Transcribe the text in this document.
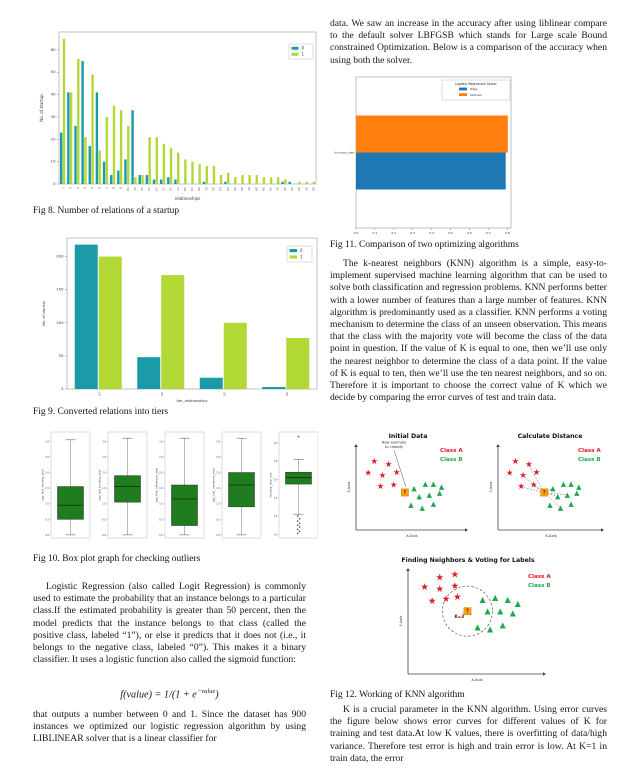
0
10
20
30
40
50
60
1 2 3 4 5 6 7 8 9 10 11 12 13 14 15 16 17 18 19 20 21 22 23 24 25 26 27 28 29 30 31 32 33 34 35 36
No. of startup
relationships
0
1
Fig 8. Number of relations of a startup
0
50
100
150
200
10	20	30	40
No. of startup
tier_relationships
0
1
Fig 9. Converted relations into tiers
0.0
0.5
1.0
1.5
2.0
2.5
3.0
age_first_funding_year
0.0
0.5
1.0
1.5
2.0
2.5
3.0
age_last_funding_year
0.0
0.5
1.0
1.5
2.0
2.5
3.0
age_first_milestone_year
0.0
0.5
1.0
1.5
2.0
2.5
3.0
age_last_milestone_year
10
12
14
16
18
20
funding_total_usd
Fig 10. Box plot graph for checking outliers
Logistic Regression (also called Logit Regression) is commonly used to estimate the probability that an instance belongs to a particular class.If the estimated probability is greater than 50 percent, then the model predicts that the instance belongs to that class (called the positive class, labeled “1”), or else it predicts that it does not (i.e., it belongs to the negative class, labeled “0”). This makes it a binary classifier. It uses a logistic function also called the sigmoid function:
f(value) = $1/(1 + e^{-value})$
that outputs a number between 0 and 1. Since the dataset has 900 instances we optimized our logistic regression algorithm by using LIBLINEAR solver that is a linear classifier for
data. We saw an increase in the accuracy after using liblinear compare to the default solver LBFGSB which stands for Large scale Bound constrained Optimization. Below is a comparison of the accuracy when using both the solver.
0.0	0.1	0.2	0.3	0.4	0.5	0.6	0.7	0.8
Accuracy_rate
Logistic Regression Solver
lbfgs
liblinear
Fig 11. Comparison of two optimizing algorithms
The k-nearest neighbors (KNN) algorithm is a simple, easy-to-implement supervised machine learning algorithm that can be used to solve both classification and regression problems. KNN performs better with a lower number of features than a large number of features. KNN algorithm is predominantly used as a classifier. KNN performs a voting mechanism to determine the class of an unseen observation. This means that the class with the majority vote will become the class of the data point in question. If the value of K is equal to one, then we’ll use only the nearest neighbor to determine the class of a data point. If the value of K is equal to ten, then we’ll use the ten nearest neighbors, and so on. Therefore it is important to choose the correct value of K which we decide by comparing the error curves of test and train data.
Initial Data
Y-Axis
X-Axis
New example
to classify
★ ★
★ ★ ★
★ ★ ▲
▲ ▲ ▲
▲ ▲ ▲
▲ ▲ ▲
?
Class A
Class B
Calculate Distance
Y-Axis
X-Axis
★ ★
★ ★ ★
★ ★ ▲
▲ ▲ ▲
▲ ▲ ▲
▲ ▲ ▲
?
Class A
Class B
Finding Neighbors & Voting for Labels
Y-Axis
X-Axis
★ ★
★ ★ ★
★ ★ ★ ▲ ▲ ▲ ▲
▲ ▲ ▲
▲ ▲ ▲
?
K=3
Class A
Class B
Fig 12. Working of KNN algorithm
K is a crucial parameter in the KNN algorithm. Using error curves the figure below shows error curves for different values of K for training and test data.At low K values, there is overfitting of data/high variance. Therefore test error is high and train error is low. At K=1 in train data, the error
